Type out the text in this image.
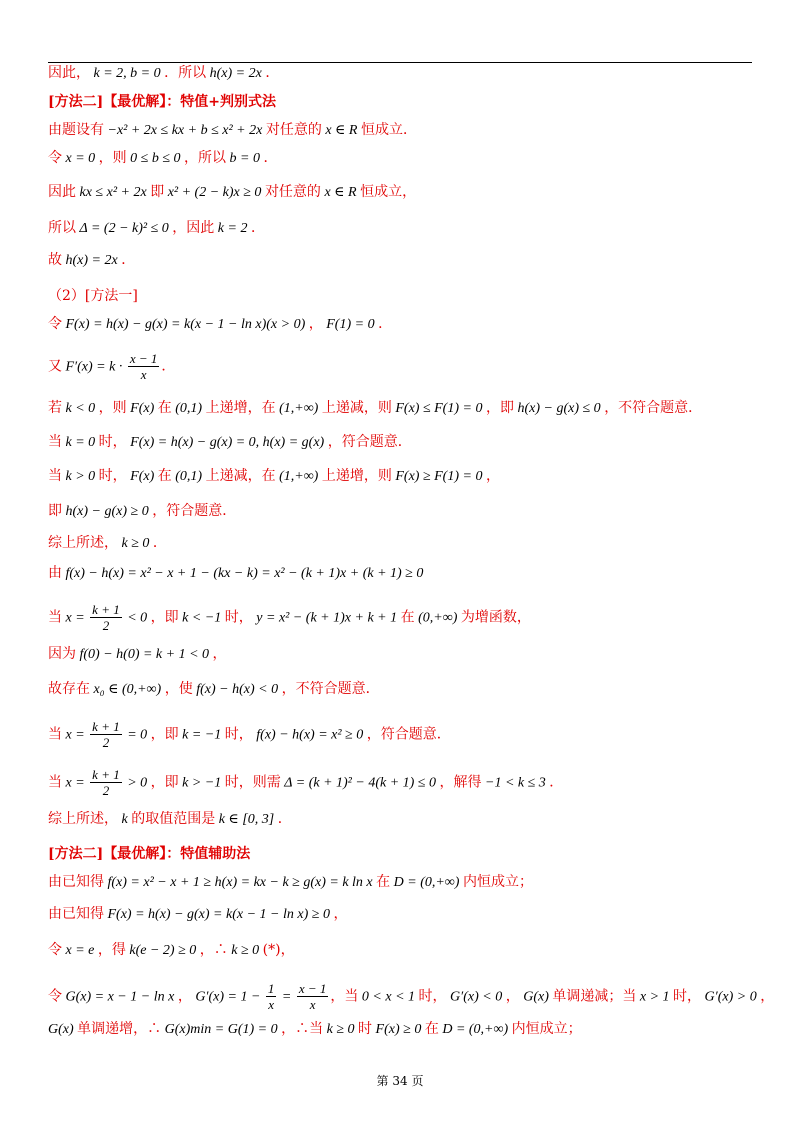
因此， k = 2, b = 0 ．所以 h(x) = 2x ．
[方法二]【最优解】：特值+判别式法
由题设有 −x² + 2x ≤ kx + b ≤ x² + 2x 对任意的 x ∈ R 恒成立．
令 x = 0 ，则 0 ≤ b ≤ 0 ，所以 b = 0 ．
因此 kx ≤ x² + 2x 即 x² + (2 − k)x ≥ 0 对任意的 x ∈ R 恒成立，
所以 Δ = (2 − k)² ≤ 0 ，因此 k = 2 ．
故 h(x) = 2x ．
（2）[方法一]
令 F(x) = h(x) − g(x) = k(x − 1 − ln x)(x > 0) ， F(1) = 0 ．
又 $F'(x) = k \cdot \frac{x - 1}{x}$ ．
若 k < 0 ，则 F(x) 在 (0,1) 上递增，在 (1,+∞) 上递减，则 F(x) ≤ F(1) = 0 ，即 h(x) − g(x) ≤ 0 ，不符合题意．
当 k = 0 时， F(x) = h(x) − g(x) = 0, h(x) = g(x) ，符合题意．
当 k > 0 时， F(x) 在 (0,1) 上递减，在 (1,+∞) 上递增，则 F(x) ≥ F(1) = 0 ，
即 h(x) − g(x) ≥ 0 ，符合题意．
综上所述， k ≥ 0 ．
由 f(x) − h(x) = x² − x + 1 − (kx − k) = x² − (k + 1)x + (k + 1) ≥ 0
当 $x = \frac{k + 1}{2} < 0$ ，即 k < −1 时， y = x² − (k + 1)x + k + 1 在 (0,+∞) 为增函数，
因为 f(0) − h(0) = k + 1 < 0 ，
故存在 x₀ ∈ (0,+∞) ，使 f(x) − h(x) < 0 ，不符合题意．
当 $x = \frac{k + 1}{2} = 0$ ，即 k = −1 时， f(x) − h(x) = x² ≥ 0 ，符合题意．
当 $x = \frac{k + 1}{2} > 0$ ，即 k > −1 时，则需 Δ = (k + 1)² − 4(k + 1) ≤ 0 ，解得 −1 < k ≤ 3 ．
综上所述， k 的取值范围是 k ∈ [0, 3] ．
[方法二]【最优解】：特值辅助法
由已知得 f(x) = x² − x + 1 ≥ h(x) = kx − k ≥ g(x) = k ln x 在 D = (0,+∞) 内恒成立；
由已知得 F(x) = h(x) − g(x) = k(x − 1 − ln x) ≥ 0 ，
令 x = e ，得 k(e − 2) ≥ 0 ，∴ k ≥ 0 (*)，
令 G(x) = x − 1 − ln x ， $G'(x) = 1 - \frac{1}{x} = \frac{x - 1}{x}$ ，当 0 < x < 1 时， G′(x) < 0 ， G(x) 单调递减；当 x > 1 时， G′(x) > 0 ，
G(x) 单调递增，∴ G(x)min = G(1) = 0 ，∴当 k ≥ 0 时 F(x) ≥ 0 在 D = (0,+∞) 内恒成立；
第 34 页
